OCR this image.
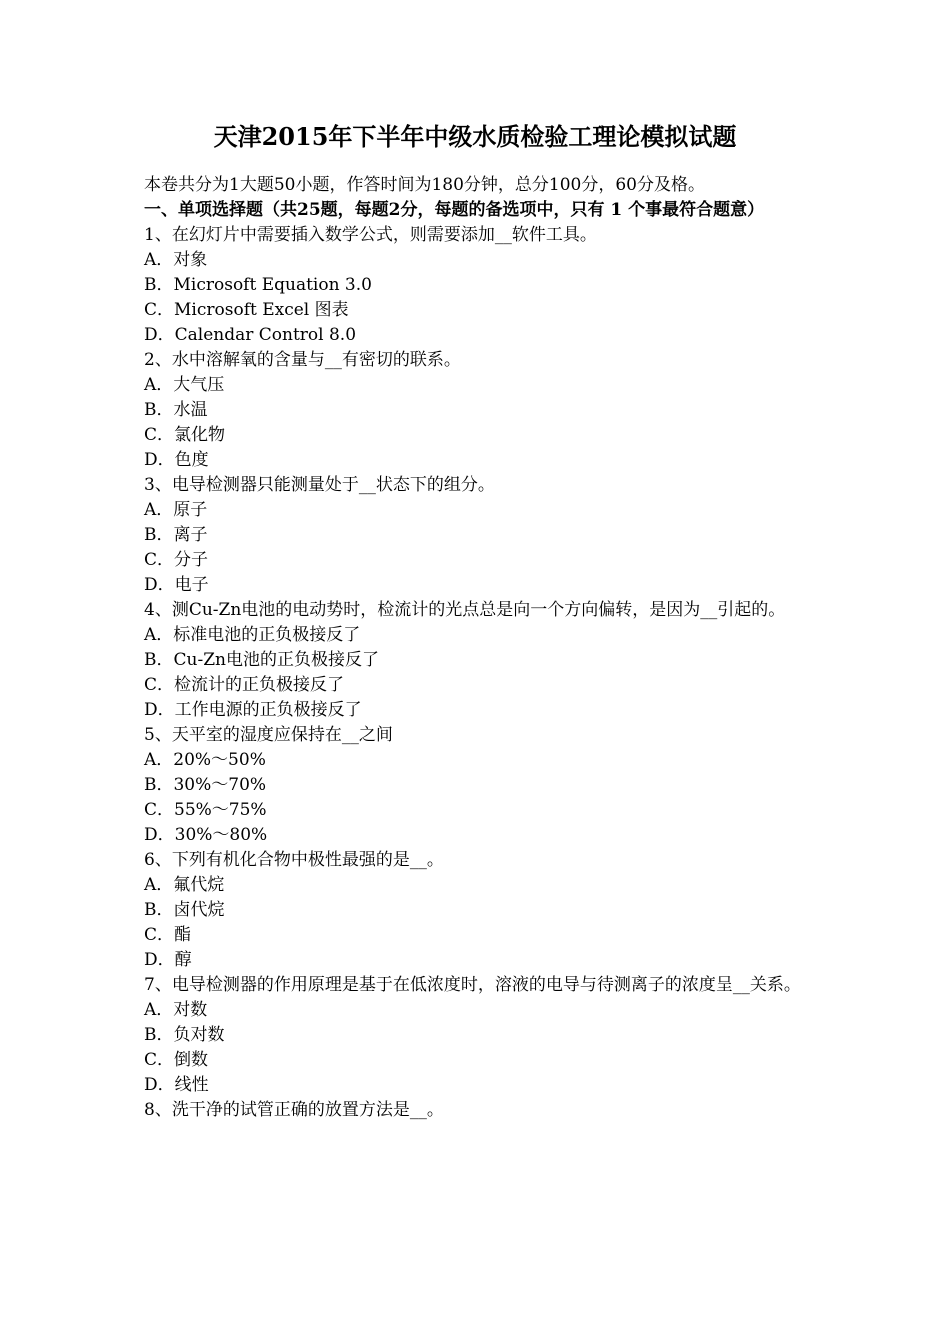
天津2015年下半年中级水质检验工理论模拟试题

本卷共分为1大题50小题，作答时间为180分钟，总分100分，60分及格。

一、单项选择题（共25题，每题2分，每题的备选项中，只有 1 个事最符合题意）

1、在幻灯片中需要插入数学公式，则需要添加__软件工具。

A．对象

B．Microsoft Equation 3.0

C．Microsoft Excel 图表

D．Calendar Control 8.0

2、水中溶解氧的含量与__有密切的联系。

A．大气压

B．水温

C．氯化物

D．色度

3、电导检测器只能测量处于__状态下的组分。

A．原子

B．离子

C．分子

D．电子

4、测Cu-Zn电池的电动势时，检流计的光点总是向一个方向偏转，是因为__引起的。

A．标准电池的正负极接反了

B．Cu-Zn电池的正负极接反了

C．检流计的正负极接反了

D．工作电源的正负极接反了

5、天平室的湿度应保持在__之间

A．20%～50%

B．30%～70%

C．55%～75%

D．30%～80%

6、下列有机化合物中极性最强的是__。

A．氟代烷

B．卤代烷

C．酯

D．醇

7、电导检测器的作用原理是基于在低浓度时，溶液的电导与待测离子的浓度呈__关系。

A．对数

B．负对数

C．倒数

D．线性

8、洗干净的试管正确的放置方法是__。
